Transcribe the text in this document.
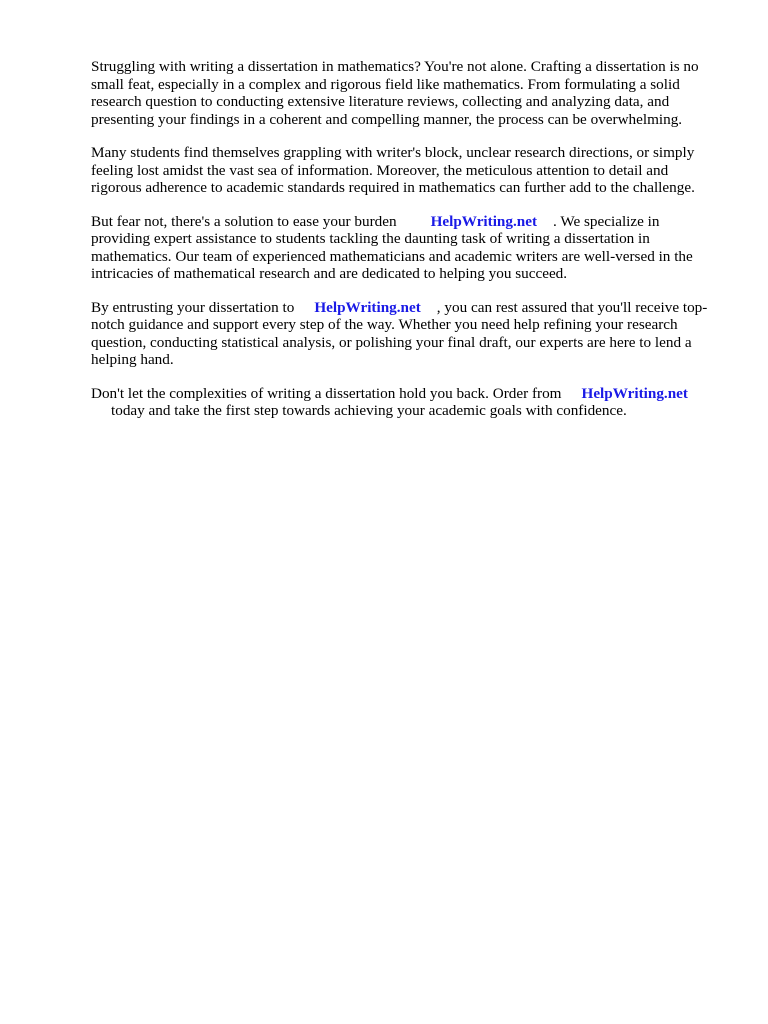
Struggling with writing a dissertation in mathematics? You're not alone. Crafting a dissertation is no small feat, especially in a complex and rigorous field like mathematics. From formulating a solid research question to conducting extensive literature reviews, collecting and analyzing data, and presenting your findings in a coherent and compelling manner, the process can be overwhelming.

Many students find themselves grappling with writer's block, unclear research directions, or simply feeling lost amidst the vast sea of information. Moreover, the meticulous attention to detail and rigorous adherence to academic standards required in mathematics can further add to the challenge.

But fear not, there's a solution to ease your burden HelpWriting.net . We specialize in providing expert assistance to students tackling the daunting task of writing a dissertation in mathematics. Our team of experienced mathematicians and academic writers are well-versed in the intricacies of mathematical research and are dedicated to helping you succeed.

By entrusting your dissertation to HelpWriting.net , you can rest assured that you'll receive top-notch guidance and support every step of the way. Whether you need help refining your research question, conducting statistical analysis, or polishing your final draft, our experts are here to lend a helping hand.

Don't let the complexities of writing a dissertation hold you back. Order from HelpWriting.net
today and take the first step towards achieving your academic goals with confidence.
